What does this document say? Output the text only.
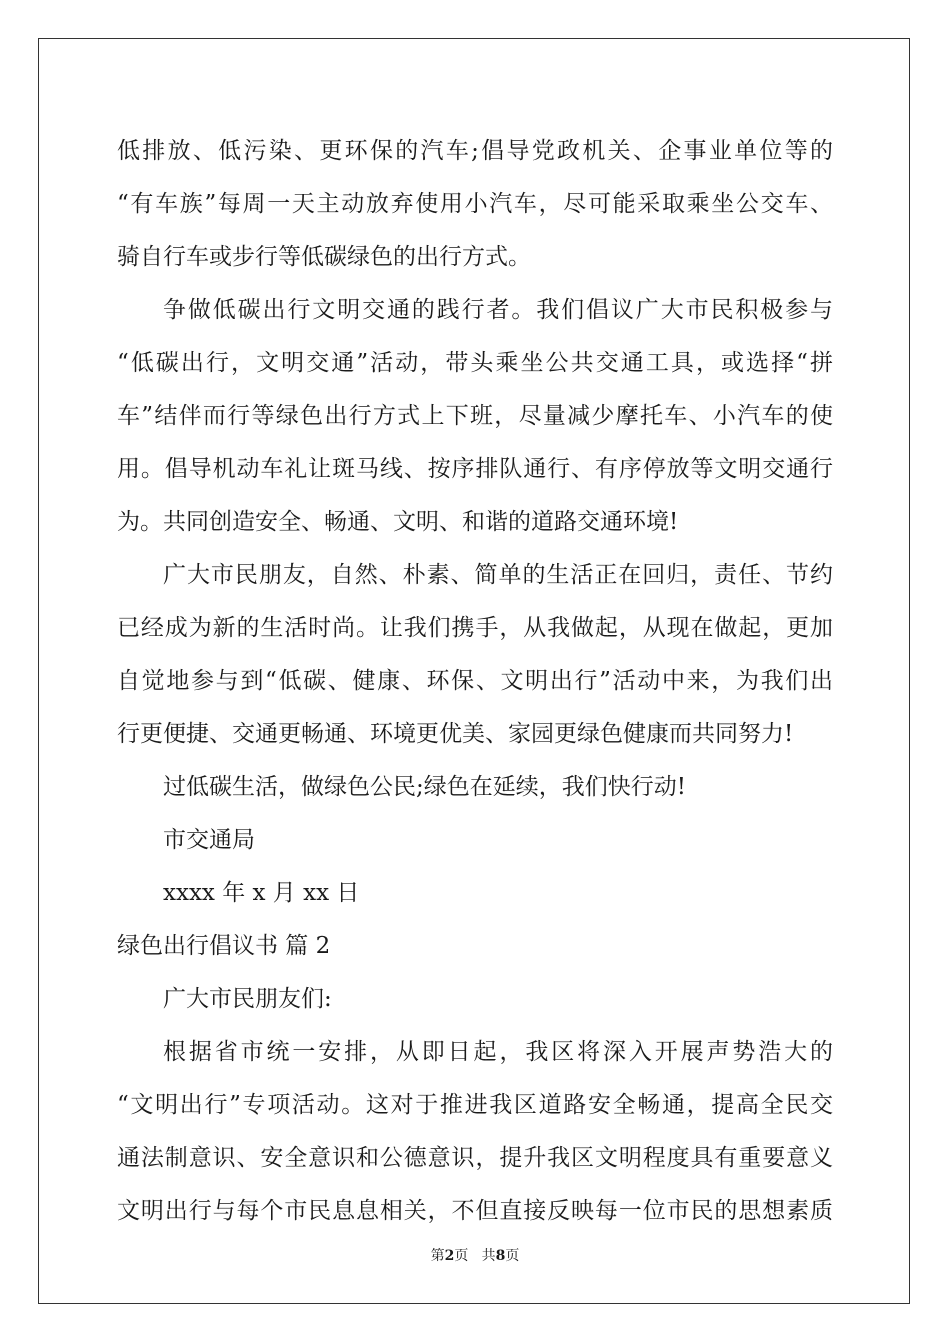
低排放、低污染、更环保的汽车;倡导党政机关、企事业单位等的
“有车族”每周一天主动放弃使用小汽车，尽可能采取乘坐公交车、
骑自行车或步行等低碳绿色的出行方式。
争做低碳出行文明交通的践行者。我们倡议广大市民积极参与
“低碳出行，文明交通”活动，带头乘坐公共交通工具，或选择“拼
车”结伴而行等绿色出行方式上下班，尽量减少摩托车、小汽车的使
用。倡导机动车礼让斑马线、按序排队通行、有序停放等文明交通行
为。共同创造安全、畅通、文明、和谐的道路交通环境!
广大市民朋友，自然、朴素、简单的生活正在回归，责任、节约
已经成为新的生活时尚。让我们携手，从我做起，从现在做起，更加
自觉地参与到“低碳、健康、环保、文明出行”活动中来，为我们出
行更便捷、交通更畅通、环境更优美、家园更绿色健康而共同努力!
过低碳生活，做绿色公民;绿色在延续，我们快行动!
市交通局
xxxx 年 x 月 xx 日
绿色出行倡议书 篇 2
广大市民朋友们:
根据省市统一安排，从即日起，我区将深入开展声势浩大的
“文明出行”专项活动。这对于推进我区道路安全畅通，提高全民交
通法制意识、安全意识和公德意识，提升我区文明程度具有重要意义
文明出行与每个市民息息相关，不但直接反映每一位市民的思想素质
第2页   共8页
